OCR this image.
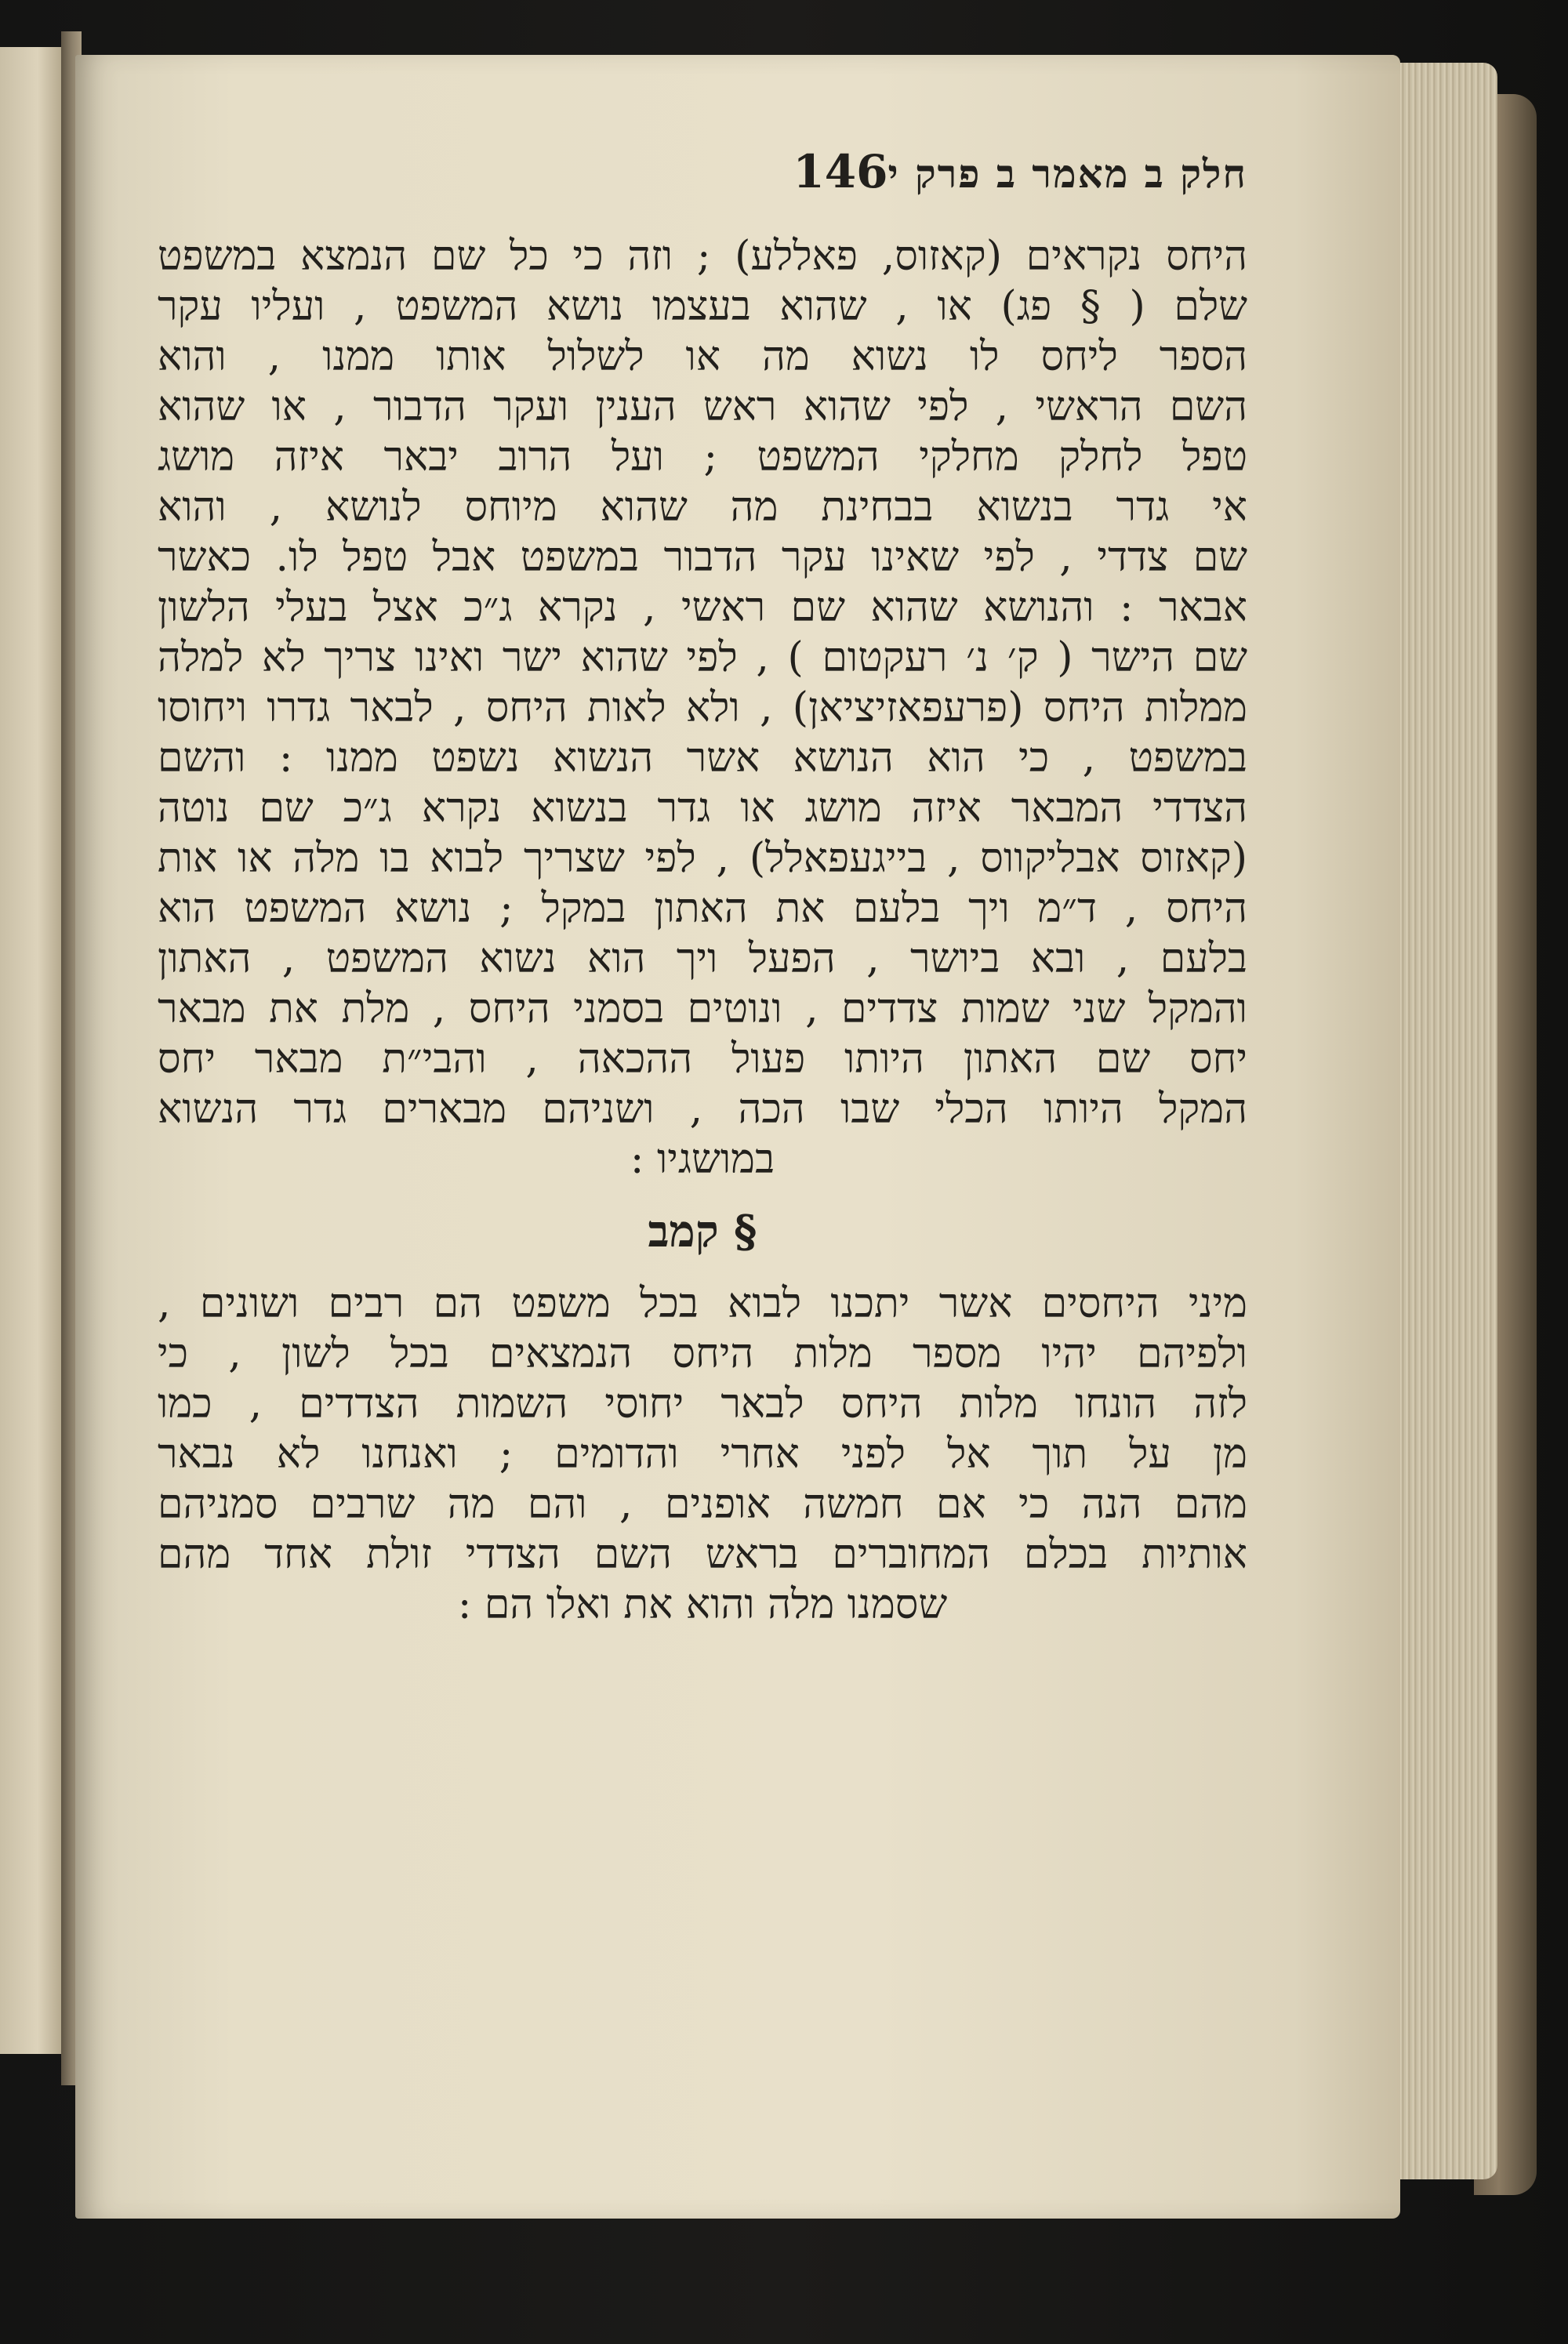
חלק ב מאמר ב פרק י
146
היחס נקראים (קאזוס, פאללע) ; וזה כי כל שם הנמצא במשפט
שלם ( § פג) או , שהוא בעצמו נושא המשפט , ועליו עקר
הספר ליחס לו נשוא מה או לשלול אותו ממנו , והוא
השם הראשי , לפי שהוא ראש הענין ועקר הדבור , או שהוא
טפל לחלק מחלקי המשפט ; ועל הרוב יבאר איזה מושג
אי גדר בנשוא בבחינת מה שהוא מיוחס לנושא , והוא
שם צדדי , לפי שאינו עקר הדבור במשפט אבל טפל לו. כאשר
אבאר : והנושא שהוא שם ראשי , נקרא ג״כ אצל בעלי הלשון
שם הישר ( ק׳ נ׳ רעקטום ) , לפי שהוא ישר ואינו צריך לא למלה
ממלות היחס (פרעפאזיציאן) , ולא לאות היחס , לבאר גדרו ויחוסו
במשפט , כי הוא הנושא אשר הנשוא נשפט ממנו : והשם
הצדדי המבאר איזה מושג או גדר בנשוא נקרא ג״כ שם נוטה
(קאזוס אבליקווס , בייגעפאלל) , לפי שצריך לבוא בו מלה או אות
היחס , ד״מ ויך בלעם את האתון במקל ; נושא המשפט הוא
בלעם , ובא ביושר , הפעל ויך הוא נשוא המשפט , האתון
והמקל שני שמות צדדים , ונוטים בסמני היחס , מלת את מבאר
יחס שם האתון היותו פעול ההכאה , והבי״ת מבאר יחס
המקל היותו הכלי שבו הכה , ושניהם מבארים גדר הנשוא
במושגיו :
§ קמב
מיני היחסים אשר יתכנו לבוא בכל משפט הם רבים ושונים ,
ולפיהם יהיו מספר מלות היחס הנמצאים בכל לשון , כי
לזה הונחו מלות היחס לבאר יחוסי השמות הצדדים , כמו
מן על תוך אל לפני אחרי והדומים ; ואנחנו לא נבאר
מהם הנה כי אם חמשה אופנים , והם מה שרבים סמניהם
אותיות בכלם המחוברים בראש השם הצדדי זולת אחד מהם
שסמנו מלה והוא את ואלו הם :
